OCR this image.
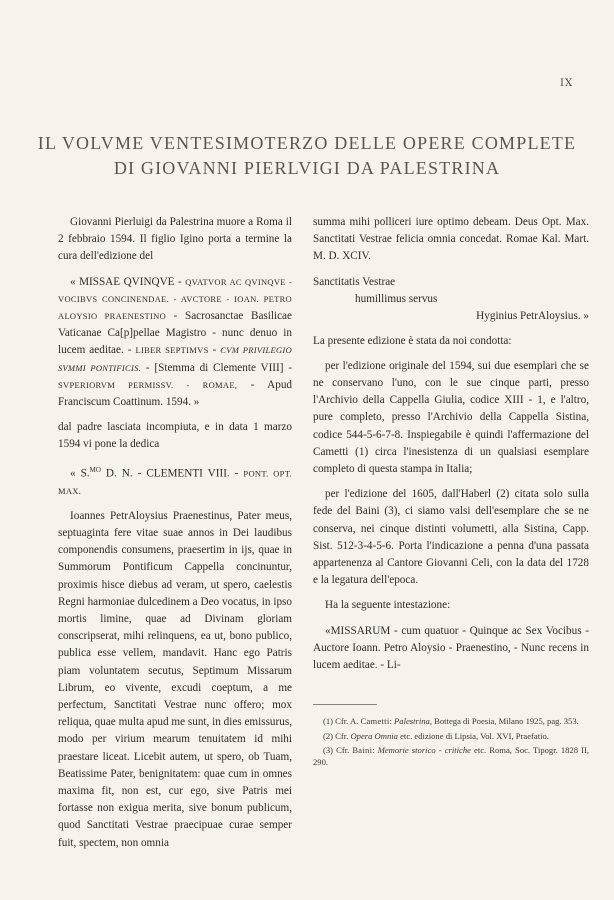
IX
IL VOLVME VENTESIMOTERZO DELLE OPERE COMPLETE
DI GIOVANNI PIERLVIGI DA PALESTRINA

Giovanni Pierluigi da Palestrina muore a Roma il 2 febbraio 1594. Il figlio Igino porta a termine la cura dell'edizione del

« MISSAE QVINQVE - QVATVOR AC QVINQVE - VOCIBVS CONCINENDAE. - AVCTORE - IOAN. PETRO ALOYSIO PRAENESTINO - Sacrosanctae Basilicae Vaticanae Ca[p]pellae Magistro - nunc denuo in lucem aeditae. - LIBER SEPTIMVS - CVM PRIVILEGIO SVMMI PONTIFICIS. - [Stemma di Clemente VIII] - SVPERIORVM PERMISSV. - ROMAE, - Apud Franciscum Coattinum. 1594. »

dal padre lasciata incompiuta, e in data 1 marzo 1594 vi pone la dedica

« S.$^{MO}$ D. N. - CLEMENTI VIII. - PONT. OPT. MAX.

Ioannes PetrAloysius Praenestinus, Pater meus, septuaginta fere vitae suae annos in Dei laudibus componendis consumens, praesertim in ijs, quae in Summorum Pontificum Cappella concinuntur, proximis hisce diebus ad veram, ut spero, caelestis Regni harmoniae dulcedinem a Deo vocatus, in ipso mortis limine, quae ad Divinam gloriam conscripserat, mihi relinquens, ea ut, bono publico, publica esse vellem, mandavit. Hanc ego Patris piam voluntatem secutus, Septimum Missarum Librum, eo vivente, excudi coeptum, a me perfectum, Sanctitati Vestrae nunc offero; mox reliqua, quae multa apud me sunt, in dies emissurus, modo per virium mearum tenuitatem id mihi praestare liceat. Licebit autem, ut spero, ob Tuam, Beatissime Pater, benignitatem: quae cum in omnes maxima fit, non est, cur ego, sive Patris mei fortasse non exigua merita, sive bonum publicum, quod Sanctitati Vestrae praecipuae curae semper fuit, spectem, non omnia

summa mihi polliceri iure optimo debeam. Deus Opt. Max. Sanctitati Vestrae felicia omnia concedat. Romae Kal. Mart. M. D. XCIV.

Sanctitatis Vestrae
humillimus servus
Hyginius PetrAloysius. »

La presente edizione è stata da noi condotta:

per l'edizione originale del 1594, sui due esemplari che se ne conservano l'uno, con le sue cinque parti, presso l'Archivio della Cappella Giulia, codice XIII - 1, e l'altro, pure completo, presso l'Archivio della Cappella Sistina, codice 544-5-6-7-8. Inspiegabile è quindi l'affermazione del Cametti (1) circa l'inesistenza di un qualsiasi esemplare completo di questa stampa in Italia;

per l'edizione del 1605, dall'Haberl (2) citata solo sulla fede del Baini (3), ci siamo valsi dell'esemplare che se ne conserva, nei cinque distinti volumetti, alla Sistina, Capp. Sist. 512-3-4-5-6. Porta l'indicazione a penna d'una passata appartenenza al Cantore Giovanni Celi, con la data del 1728 e la legatura dell'epoca.

Ha la seguente intestazione:

«MISSARUM - cum quatuor - Quinque ac Sex Vocibus - Auctore Ioann. Petro Aloysio - Praenestino, - Nunc recens in lucem aeditae. - Li-

(1) Cfr. A. Cametti: Palestrina, Bottega di Poesia, Milano 1925, pag. 353.

(2) Cfr. Opera Omnia etc. edizione di Lipsia, Vol. XVI, Praefatio.

(3) Cfr. Baini: Memorie storico - critiche etc. Roma, Soc. Tipogr. 1828 II, 290.
